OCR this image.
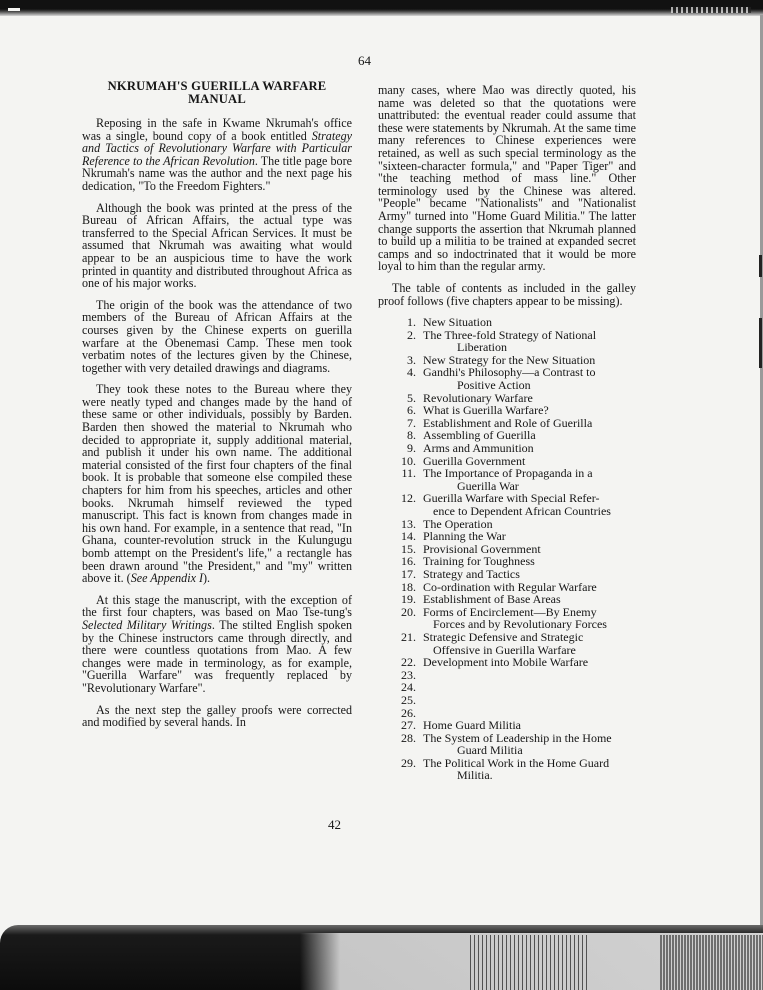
64
NKRUMAH'S GUERILLA WARFARE MANUAL

Reposing in the safe in Kwame Nkrumah's office was a single, bound copy of a book entitled Strategy and Tactics of Revolutionary Warfare with Particular Reference to the African Revolution. The title page bore Nkrumah's name was the author and the next page his dedication, "To the Freedom Fighters."

Although the book was printed at the press of the Bureau of African Affairs, the actual type was transferred to the Special African Services. It must be assumed that Nkrumah was awaiting what would appear to be an auspicious time to have the work printed in quantity and distributed throughout Africa as one of his major works.

The origin of the book was the attendance of two members of the Bureau of African Affairs at the courses given by the Chinese experts on guerilla warfare at the Obenemasi Camp. These men took verbatim notes of the lectures given by the Chinese, together with very detailed drawings and diagrams.

They took these notes to the Bureau where they were neatly typed and changes made by the hand of these same or other individuals, possibly by Barden. Barden then showed the material to Nkrumah who decided to appropriate it, supply additional material, and publish it under his own name. The additional material consisted of the first four chapters of the final book. It is probable that someone else compiled these chapters for him from his speeches, articles and other books. Nkrumah himself reviewed the typed manuscript. This fact is known from changes made in his own hand. For example, in a sentence that read, "In Ghana, counter-revolution struck in the Kulungugu bomb attempt on the President's life," a rectangle has been drawn around "the President," and "my" written above it. (See Appendix I).

At this stage the manuscript, with the exception of the first four chapters, was based on Mao Tse-tung's Selected Military Writings. The stilted English spoken by the Chinese instructors came through directly, and there were countless quotations from Mao. A few changes were made in terminology, as for example, "Guerilla Warfare" was frequently replaced by "Revolutionary Warfare".

As the next step the galley proofs were corrected and modified by several hands. In

many cases, where Mao was directly quoted, his name was deleted so that the quotations were unattributed: the eventual reader could assume that these were statements by Nkrumah. At the same time many references to Chinese experiences were retained, as well as such special terminology as the "sixteen-character formula," and "Paper Tiger" and "the teaching method of mass line." Other terminology used by the Chinese was altered. "People" became "Nationalists" and "Nationalist Army" turned into "Home Guard Militia." The latter change supports the assertion that Nkrumah planned to build up a militia to be trained at expanded secret camps and so indoctrinated that it would be more loyal to him than the regular army.

The table of contents as included in the galley proof follows (five chapters appear to be missing).

1. New Situation
2. The Three-fold Strategy of National
Liberation
3. New Strategy for the New Situation
4. Gandhi's Philosophy—a Contrast to
Positive Action
5. Revolutionary Warfare
6. What is Guerilla Warfare?
7. Establishment and Role of Guerilla
8. Assembling of Guerilla
9. Arms and Ammunition
10. Guerilla Government
11. The Importance of Propaganda in a
Guerilla War
12. Guerilla Warfare with Special Refer-
ence to Dependent African Countries
13. The Operation
14. Planning the War
15. Provisional Government
16. Training for Toughness
17. Strategy and Tactics
18. Co-ordination with Regular Warfare
19. Establishment of Base Areas
20. Forms of Encirclement—By Enemy
Forces and by Revolutionary Forces
21. Strategic Defensive and Strategic
Offensive in Guerilla Warfare
22. Development into Mobile Warfare
23.

24.

25.

26.

27. Home Guard Militia
28. The System of Leadership in the Home
Guard Militia
29. The Political Work in the Home Guard
Militia.
42
